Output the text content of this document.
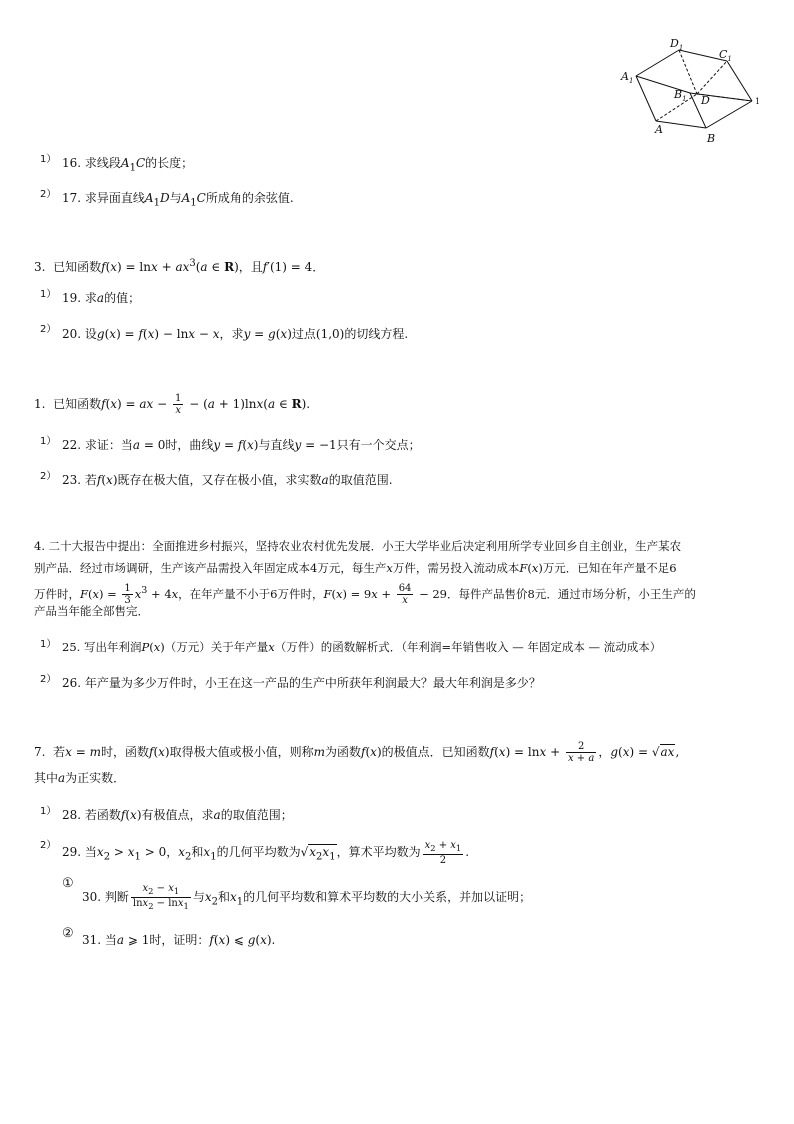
$D_1$	$C_1$
$A_1$
$B_1$ D
A
B
1
1） 16. 求线段$A_1C$的长度；
2） 17. 求异面直线$A_1D$与$A_1C$所成角的余弦值.
3. 已知函数$f(x) = \ln x + ax^3(a$ ∈ R)，且f′(1) = 4．
1） 19. 求a的值；
2） 20. 设g(x) = f(x) − lnx − x，求y = g(x)过点(1,0)的切线方程.
1. 已知函数f(x) = ax − $\frac{1}{x} - (a + 1)\ln x(a$ ∈ R).
1） 22. 求证：当a = 0时，曲线y = f(x)与直线y = −1只有一个交点；
2） 23. 若f(x)既存在极大值，又存在极小值，求实数a的取值范围.
4. 二十大报告中提出：全面推进乡村振兴，坚持农业农村优先发展．小王大学毕业后决定利用所学专业回乡自主创业，生产某农
别产品．经过市场调研，生产该产品需投入年固定成本4万元，每生产x万件，需另投入流动成本F(x)万元．已知在年产量不足6
万件时，$F(x) = \frac{1}{3} x^3 + 4x$，在年产量不小于6万件时，$F(x) = 9x + \frac{64}{x} - 29$．每件产品售价8元．通过市场分析，小王生产的
产品当年能全部售完．
1） 25. 写出年利润P(x)（万元）关于年产量x（万件）的函数解析式．（年利润=年销售收入 — 年固定成本 — 流动成本）
2） 26. 年产量为多少万件时，小王在这一产品的生产中所获年利润最大？最大年利润是多少？
7. 若x = m时，函数f(x)取得极大值或极小值，则称m为函数f(x)的极值点．已知函数$f(x) = \ln x + \frac{2}{x + a}$ ，g(x) = √ax,
其中a为正实数．
1） 28. 若函数f(x)有极值点，求a的取值范围；
2） 29. 当$x_2 > x_1 > 0$，$x_2$和$x_1$的几何平均数为$√x_2x_1$，算术平均数为 $\frac{x_2 + x_1}{2}$ .
①
30. 判断 $\frac{x_2 - x_1}{\ln x_2 - \ln x_1}$ 与$x_2$和$x_1$的几何平均数和算术平均数的大小关系，并加以证明；
② 31. 当a ⩾ 1时，证明：f(x) ⩽ g(x).
